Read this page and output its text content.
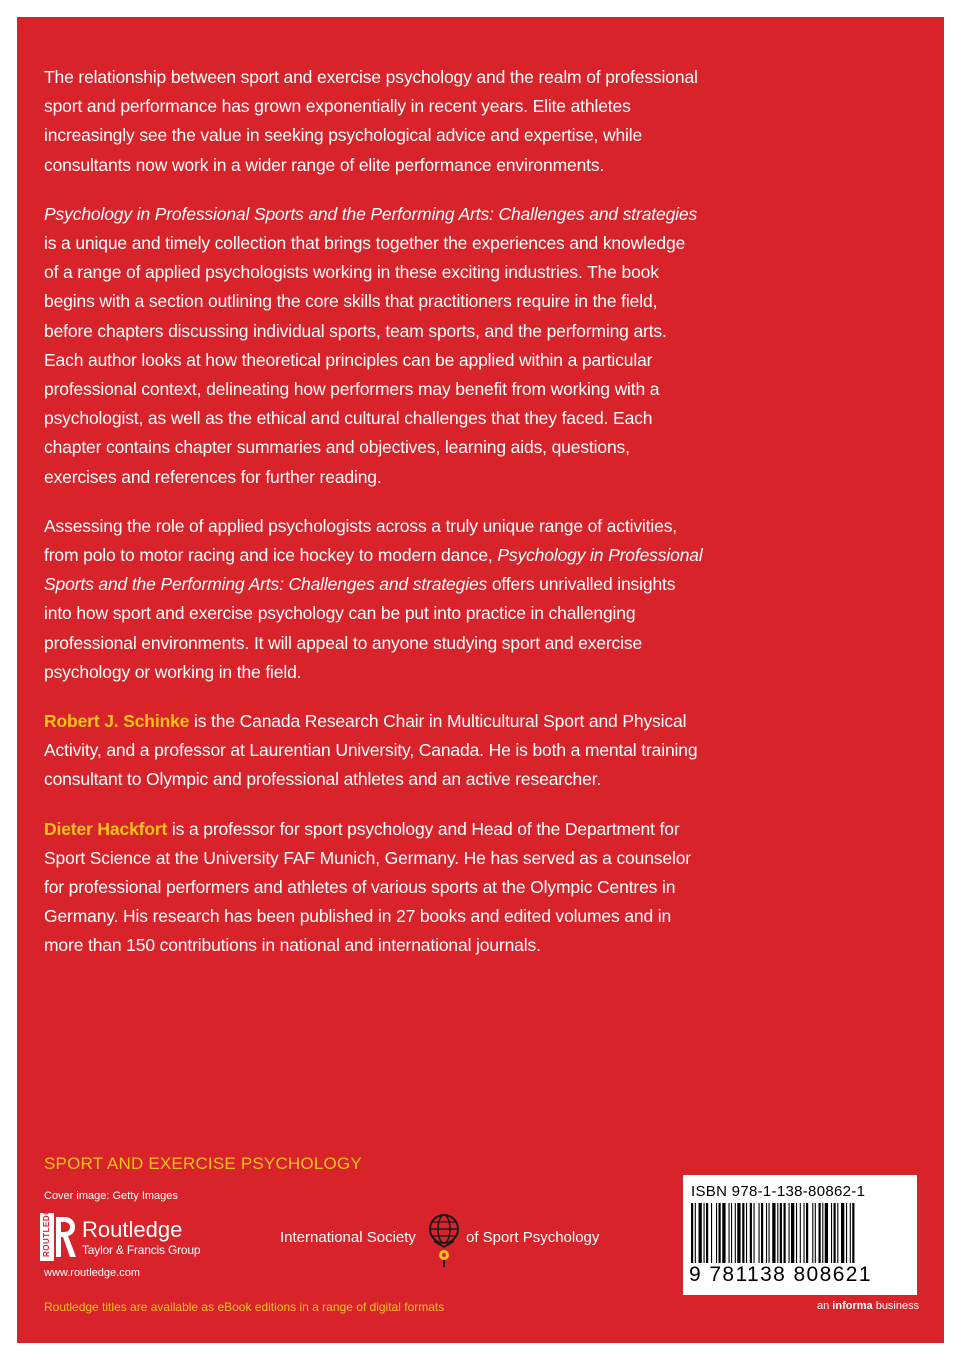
The relationship between sport and exercise psychology and the realm of professional sport and performance has grown exponentially in recent years. Elite athletes increasingly see the value in seeking psychological advice and expertise, while consultants now work in a wider range of elite performance environments.

Psychology in Professional Sports and the Performing Arts: Challenges and strategies is a unique and timely collection that brings together the experiences and knowledge of a range of applied psychologists working in these exciting industries. The book begins with a section outlining the core skills that practitioners require in the field, before chapters discussing individual sports, team sports, and the performing arts. Each author looks at how theoretical principles can be applied within a particular professional context, delineating how performers may benefit from working with a psychologist, as well as the ethical and cultural challenges that they faced. Each chapter contains chapter summaries and objectives, learning aids, questions, exercises and references for further reading.

Assessing the role of applied psychologists across a truly unique range of activities, from polo to motor racing and ice hockey to modern dance, Psychology in Professional Sports and the Performing Arts: Challenges and strategies offers unrivalled insights into how sport and exercise psychology can be put into practice in challenging professional environments. It will appeal to anyone studying sport and exercise psychology or working in the field.

Robert J. Schinke is the Canada Research Chair in Multicultural Sport and Physical Activity, and a professor at Laurentian University, Canada. He is both a mental training consultant to Olympic and professional athletes and an active researcher.

Dieter Hackfort is a professor for sport psychology and Head of the Department for Sport Science at the University FAF Munich, Germany. He has served as a counselor for professional performers and athletes of various sports at the Olympic Centres in Germany. His research has been published in 27 books and edited volumes and in more than 150 contributions in national and international journals.

SPORT AND EXERCISE PSYCHOLOGY
Cover image: Getty Images
ROUTLEDGE Routledge
Taylor & Francis Group
www.routledge.com
International Society	of Sport Psychology
Routledge titles are available as eBook editions in a range of digital formats
ISBN 978-1-138-80862-1
9 781138 808621
an informa business
